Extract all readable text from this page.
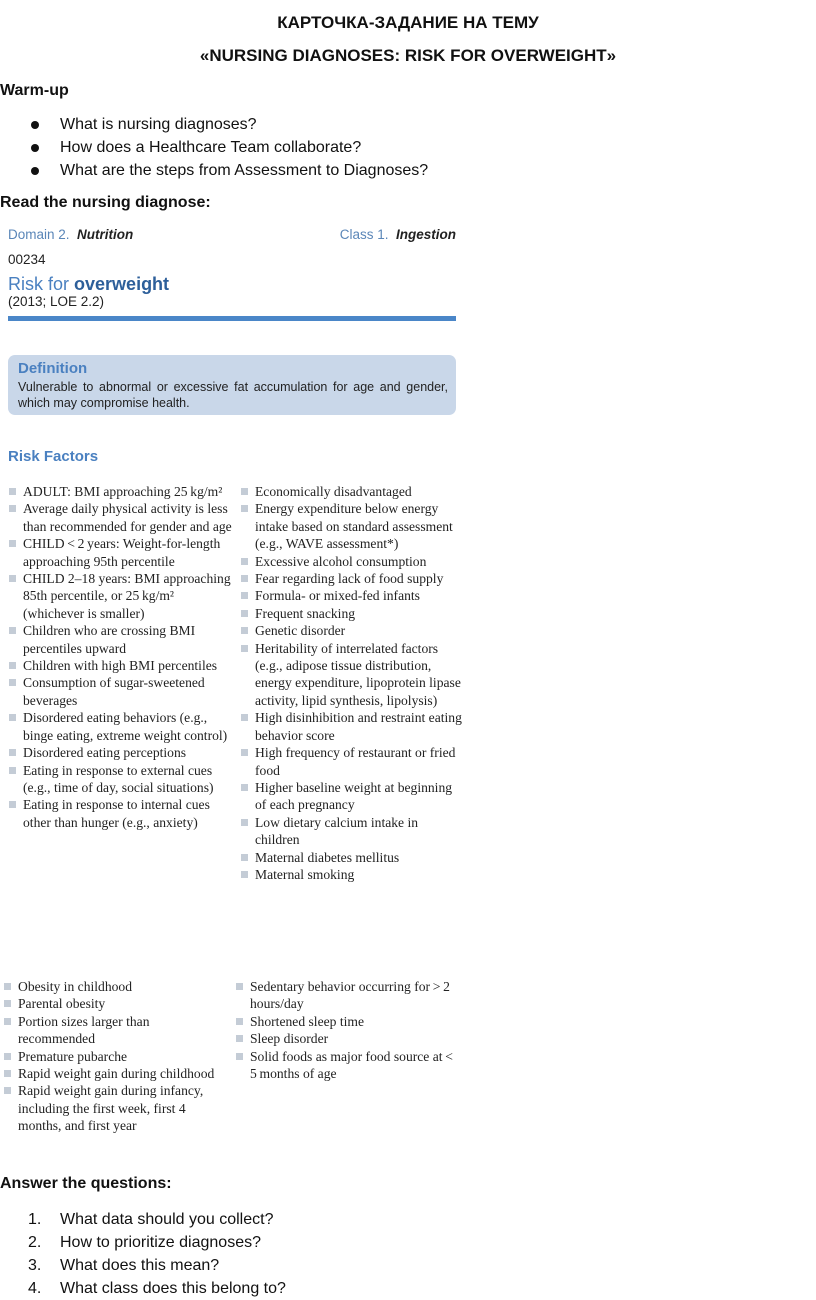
КАРТОЧКА-ЗАДАНИЕ НА ТЕМУ
«NURSING DIAGNOSES: RISK FOR OVERWEIGHT»
Warm-up
What is nursing diagnoses?
How does a Healthcare Team collaborate?
What are the steps from Assessment to Diagnoses?
Read the nursing diagnose:
Domain 2. Nutrition	Class 1. Ingestion
00234
Risk for overweight
(2013; LOE 2.2)
Definition
Vulnerable to abnormal or excessive fat accumulation for age and gender, which may compromise health.
Risk Factors
ADULT: BMI approaching 25 kg/m²
Average daily physical activity is less than recommended for gender and age
CHILD < 2 years: Weight-for-length approaching 95th percentile
CHILD 2–18 years: BMI approaching 85th percentile, or 25 kg/m² (whichever is smaller)
Children who are crossing BMI percentiles upward
Children with high BMI percentiles
Consumption of sugar-sweetened beverages
Disordered eating behaviors (e.g., binge eating, extreme weight control)
Disordered eating perceptions
Eating in response to external cues (e.g., time of day, social situations)
Eating in response to internal cues other than hunger (e.g., anxiety)
Economically disadvantaged
Energy expenditure below energy intake based on standard assessment (e.g., WAVE assessment*)
Excessive alcohol consumption
Fear regarding lack of food supply
Formula- or mixed-fed infants
Frequent snacking
Genetic disorder
Heritability of interrelated factors (e.g., adipose tissue distribution, energy expenditure, lipoprotein lipase activity, lipid synthesis, lipolysis)
High disinhibition and restraint eating behavior score
High frequency of restaurant or fried food
Higher baseline weight at beginning of each pregnancy
Low dietary calcium intake in children
Maternal diabetes mellitus
Maternal smoking
Obesity in childhood
Parental obesity
Portion sizes larger than recommended
Premature pubarche
Rapid weight gain during childhood
Rapid weight gain during infancy, including the first week, first 4 months, and first year
Sedentary behavior occurring for > 2 hours/day
Shortened sleep time
Sleep disorder
Solid foods as major food source at < 5 months of age
Answer the questions:
1. What data should you collect?
2. How to prioritize diagnoses?
3. What does this mean?
4. What class does this belong to?
